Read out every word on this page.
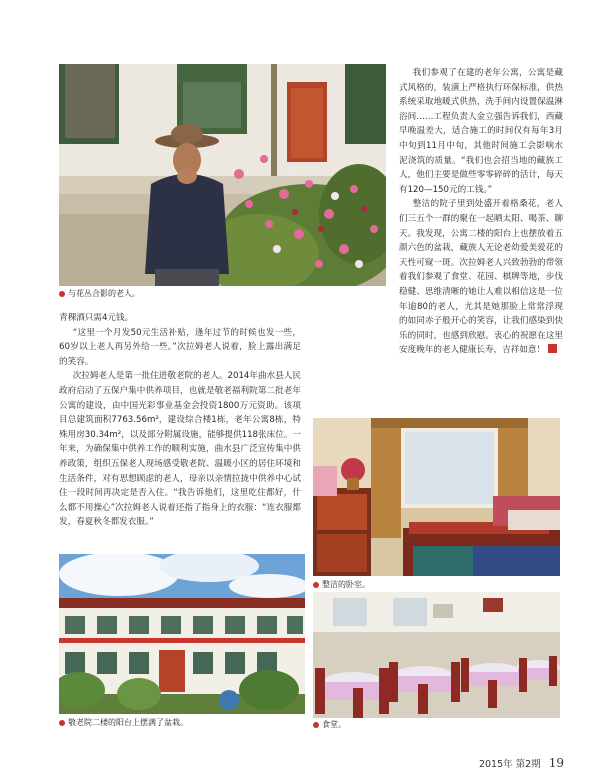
与花丛合影的老人。

我们参观了在建的老年公寓，公寓是藏式风格的，装潢上严格执行环保标准，供热系统采取地暖式供热，洗手间内设置保温淋浴间……工程负责人金立强告诉我们，西藏早晚温差大，适合施工的时间仅有每年3月中旬到11月中旬，其他时间施工会影响水泥浇筑的质量。“我们也会招当地的藏族工人，他们主要是做些零零碎碎的活计，每天有120—150元的工钱。”

整洁的院子里到处盛开着格桑花，老人们三五个一群的聚在一起晒太阳、喝茶、聊天。我发现，公寓二楼的阳台上也摆放着五颜六色的盆栽，藏族人无论老幼爱美爱花的天性可窥一斑。次拉姆老人兴致勃勃的带领着我们参观了食堂、花园、棋牌等地，步伐稳健、思维清晰的她让人难以相信这是一位年逾80的老人，尤其是她那脸上常常浮现的如同赤子般开心的笑容，让我们感染到快乐的同时，也感到欣慰。衷心的祝愿在这里安度晚年的老人健康长寿，吉祥如意！

青稞酒只需4元钱。

“这里一个月发50元生活补贴，逢年过节的时候也发一些，60岁以上老人再另外给一些。”次拉姆老人说着，脸上露出满足的笑容。

次拉姆老人是第一批住进敬老院的老人。2014年曲水县人民政府启动了五保户集中供养项目，也就是敬老福利院第二批老年公寓的建设，由中国光彩事业基金会投资1800万元资助。该项目总建筑面积7763.56m²，建设综合楼1栋，老年公寓8栋，特殊用房30.34m²，以及部分附属设施，能够提供118张床位。一年来，为确保集中供养工作的顺利实施，曲水县广泛宣传集中供养政策，组织五保老人现场感受敬老院、温暖小区的居住环境和生活条件，对有思想顾虑的老人，母亲以亲情拉拢中供养中心试住一段时间再决定是否入住。“我告诉他们，这里吃住都好，什么都不用操心”次拉姆老人说着还指了指身上的衣服：“连衣服都发，春夏秋冬都发衣服。”

整洁的卧室。
敬老院二楼的阳台上摆满了盆栽。	食堂。
2015年 第2期 19
